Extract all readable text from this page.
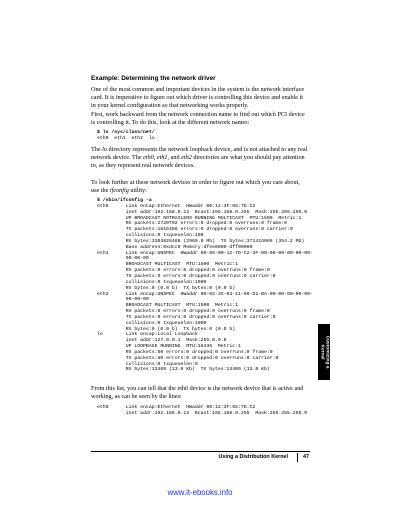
Example: Determining the network driver

One of the most common and important devices in the system is the network interface card. It is imperative to figure out which driver is controlling this device and enable it in your kernel configuration so that networking works properly.

First, work backward from the network connection name to find out which PCI device is controlling it. To do this, look at the different network names:

$ ls /sys/class/net/
eth0  eth1  eth2  lo

The lo directory represents the network loopback device, and is not attached to any real network device. The eth0, eth1, and eth2 directories are what you should pay attention to, as they represent real network devices.

To look further at these network devices in order to figure out which you care about, use the ifconfig utility:

$ /sbin/ifconfig -a
eth0      Link encap:Ethernet  HWaddr 00:12:3F:65:7D:C2
inet addr:192.168.0.13  Bcast:192.168.0.255  Mask:255.255.255.0
UP BROADCAST NOTRAILERS RUNNING MULTICAST  MTU:1500  Metric:1
RX packets:2720792 errors:0 dropped:0 overruns:0 frame:0
TX packets:1815488 errors:0 dropped:0 overruns:0 carrier:0
collisions:0 txqueuelen:100
RX bytes:3103826486 (2960.0 Mb)  TX bytes:371424066 (354.2 Mb)
Base address:0xdcc0 Memory:dfee0000-dff00000
eth1      Link encap:UNSPEC  HWaddr 80-65-00-12-7D-C2-3F-00-00-00-00-00-00-
00-00-00
BROADCAST MULTICAST  MTU:1500  Metric:1
RX packets:0 errors:0 dropped:0 overruns:0 frame:0
TX packets:0 errors:0 dropped:0 overruns:0 carrier:0
collisions:0 txqueuelen:1000
RX bytes:0 (0.0 b)  TX bytes:0 (0.0 b)
eth2      Link encap:UNSPEC  HWaddr 00-02-3C-04-11-09-D2-BA-00-00-00-00-00-
00-00-00
BROADCAST MULTICAST  MTU:1500  Metric:1
RX packets:0 errors:0 dropped:0 overruns:0 frame:0
TX packets:0 errors:0 dropped:0 overruns:0 carrier:0
collisions:0 txqueuelen:1000
RX bytes:0 (0.0 b)  TX bytes:0 (0.0 b)
lo        Link encap:Local Loopback
inet addr:127.0.0.1  Mask:255.0.0.0
UP LOOPBACK RUNNING  MTU:16436  Metric:1
RX packets:60 errors:0 dropped:0 overruns:0 frame:0
TX packets:60 errors:0 dropped:0 overruns:0 carrier:0
collisions:0 txqueuelen:0
RX bytes:13409 (13.0 Kb)  TX bytes:13409 (13.0 Kb)

From this list, you can tell that the eth0 device is the network device that is active and working, as can be seen by the lines:

eth0      Link encap:Ethernet  HWaddr 00:12:3F:65:7D:C2
inet addr:192.168.0.13  Bcast:192.168.0.255  Mask:255.255.255.0
Customizing a
Kernel
Using a Distribution Kernel	47
www.it-ebooks.info
